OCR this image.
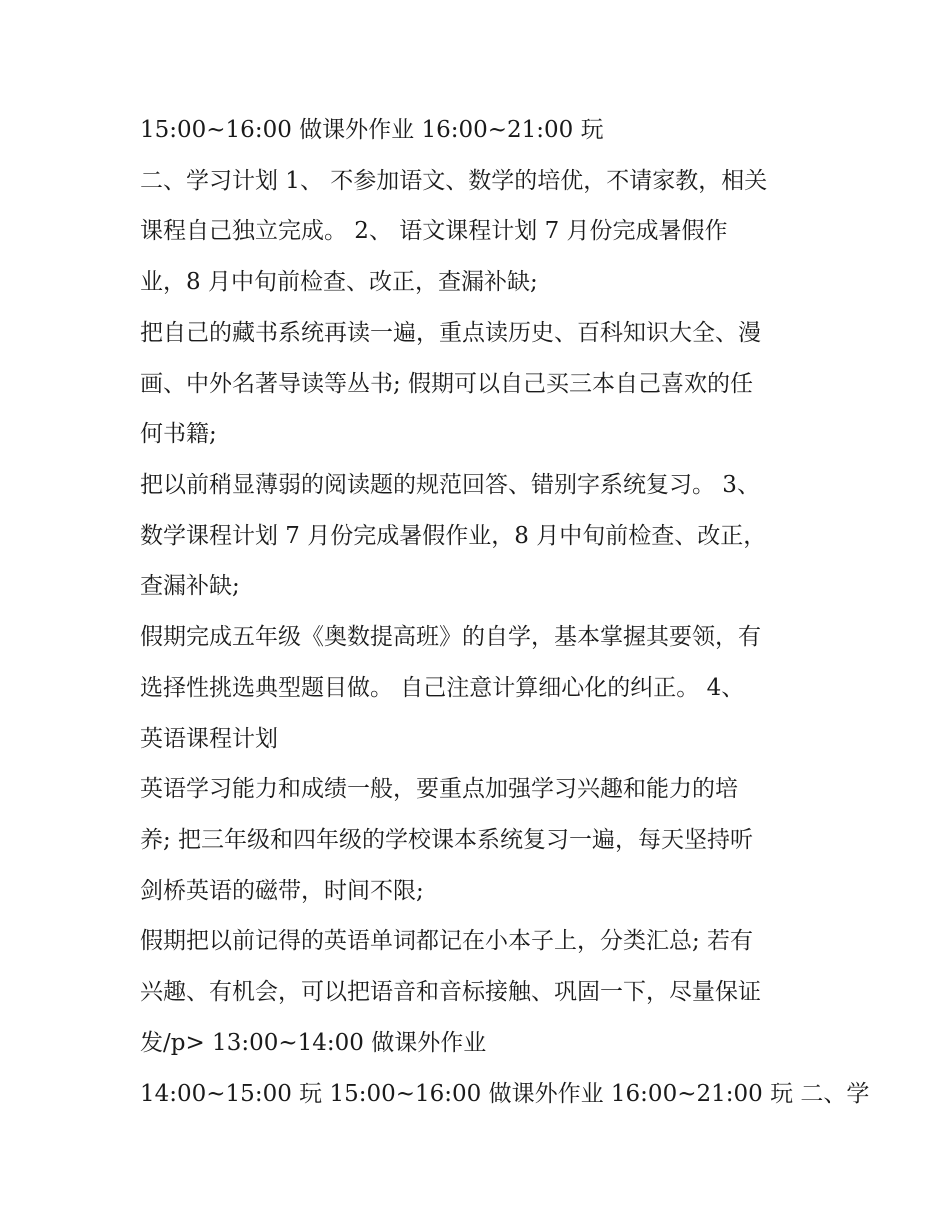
15:00~16:00 做课外作业 16:00~21:00 玩
二、学习计划 1、 不参加语文、数学的培优，不请家教，相关
课程自己独立完成。 2、 语文课程计划 7 月份完成暑假作
业，8 月中旬前检查、改正，查漏补缺;
把自己的藏书系统再读一遍，重点读历史、百科知识大全、漫
画、中外名著导读等丛书; 假期可以自己买三本自己喜欢的任
何书籍;
把以前稍显薄弱的阅读题的规范回答、错别字系统复习。 3、
数学课程计划 7 月份完成暑假作业，8 月中旬前检查、改正，
查漏补缺;
假期完成五年级《奥数提高班》的自学，基本掌握其要领，有
选择性挑选典型题目做。 自己注意计算细心化的纠正。 4、
英语课程计划
英语学习能力和成绩一般，要重点加强学习兴趣和能力的培
养; 把三年级和四年级的学校课本系统复习一遍，每天坚持听
剑桥英语的磁带，时间不限;
假期把以前记得的英语单词都记在小本子上，分类汇总; 若有
兴趣、有机会，可以把语音和音标接触、巩固一下，尽量保证
发/p> 13:00~14:00 做课外作业
14:00~15:00 玩 15:00~16:00 做课外作业 16:00~21:00 玩 二、学
